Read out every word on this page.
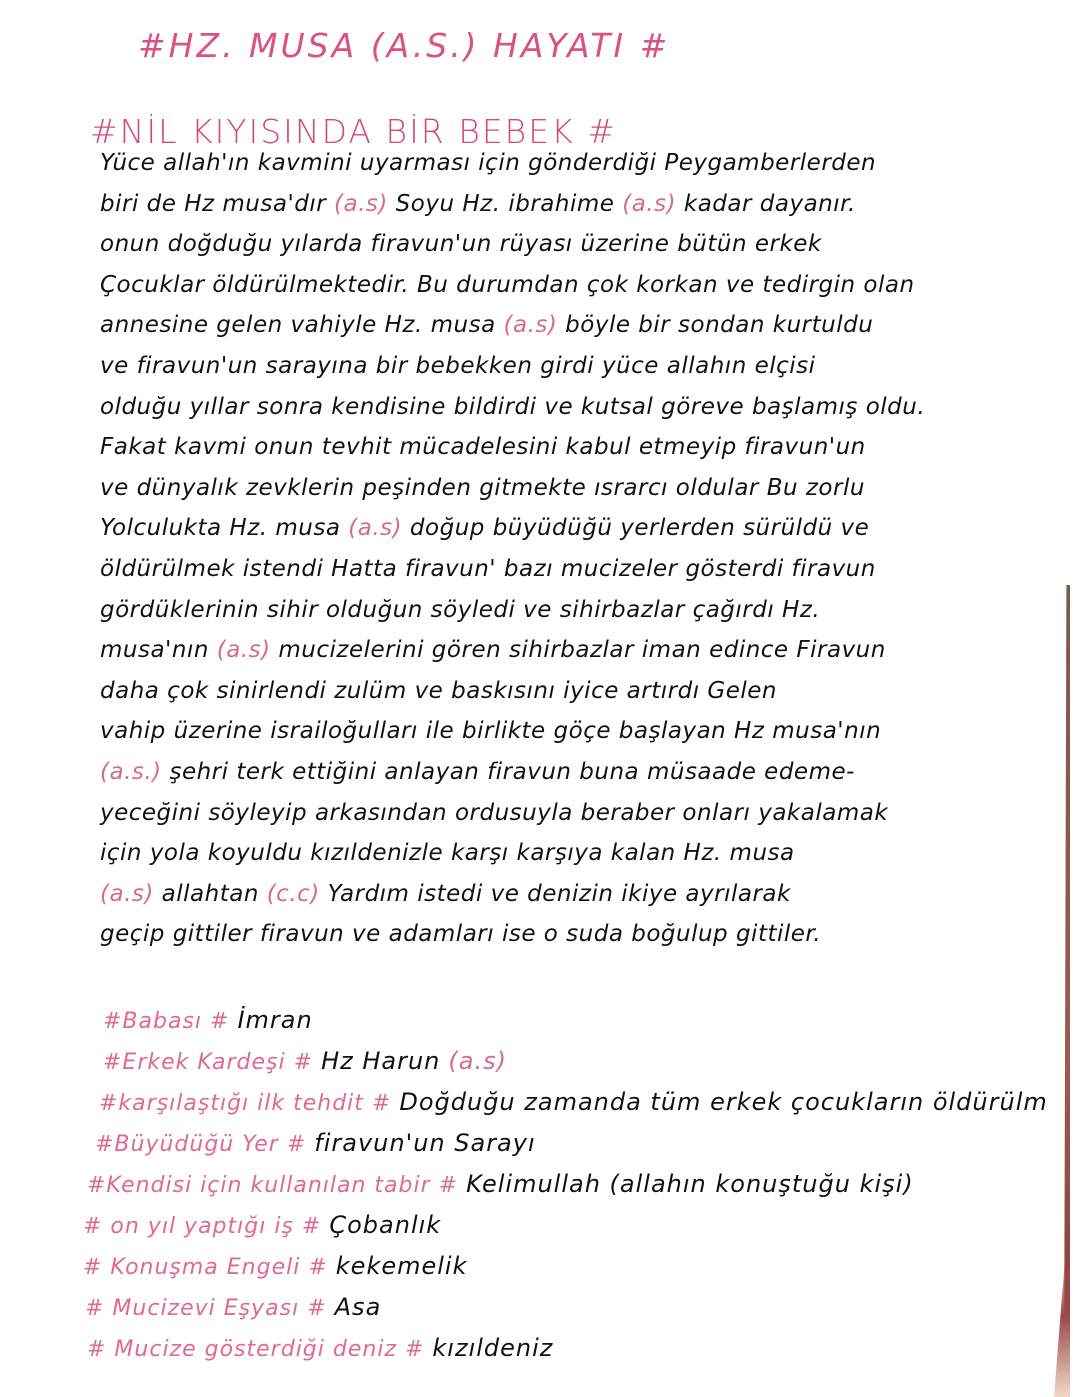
#HZ. MUSA (A.S.) HAYATI #
#NİL KIYISINDA BİR BEBEK #
Yüce allah'ın kavmini uyarması için gönderdiği Peygamberlerden
biri de Hz musa'dır (a.s) Soyu Hz. ibrahime (a.s) kadar dayanır.
onun doğduğu yılarda firavun'un rüyası üzerine bütün erkek
Çocuklar öldürülmektedir. Bu durumdan çok korkan ve tedirgin olan
annesine gelen vahiyle Hz. musa (a.s) böyle bir sondan kurtuldu
ve firavun'un sarayına bir bebekken girdi yüce allahın elçisi
olduğu yıllar sonra kendisine bildirdi ve kutsal göreve başlamış oldu.
Fakat kavmi onun tevhit mücadelesini kabul etmeyip firavun'un
ve dünyalık zevklerin peşinden gitmekte ısrarcı oldular Bu zorlu
Yolculukta Hz. musa (a.s) doğup büyüdüğü yerlerden sürüldü ve
öldürülmek istendi Hatta firavun' bazı mucizeler gösterdi firavun
gördüklerinin sihir olduğun söyledi ve sihirbazlar çağırdı Hz.
musa'nın (a.s) mucizelerini gören sihirbazlar iman edince Firavun
daha çok sinirlendi zulüm ve baskısını iyice artırdı Gelen
vahip üzerine israiloğulları ile birlikte göçe başlayan Hz musa'nın
(a.s.) şehri terk ettiğini anlayan firavun buna müsaade edeme-
yeceğini söyleyip arkasından ordusuyla beraber onları yakalamak
için yola koyuldu kızıldenizle karşı karşıya kalan Hz. musa
(a.s) allahtan (c.c) Yardım istedi ve denizin ikiye ayrılarak
geçip gittiler firavun ve adamları ise o suda boğulup gittiler.
#Babası # İmran
#Erkek Kardeşi # Hz Harun (a.s)
#karşılaştığı ilk tehdit # Doğduğu zamanda tüm erkek çocukların öldürülm
#Büyüdüğü Yer # firavun'un Sarayı
#Kendisi için kullanılan tabir # Kelimullah (allahın konuştuğu kişi)
# on yıl yaptığı iş # Çobanlık
# Konuşma Engeli # kekemelik
# Mucizevi Eşyası # Asa
# Mucize gösterdiği deniz # kızıldeniz
